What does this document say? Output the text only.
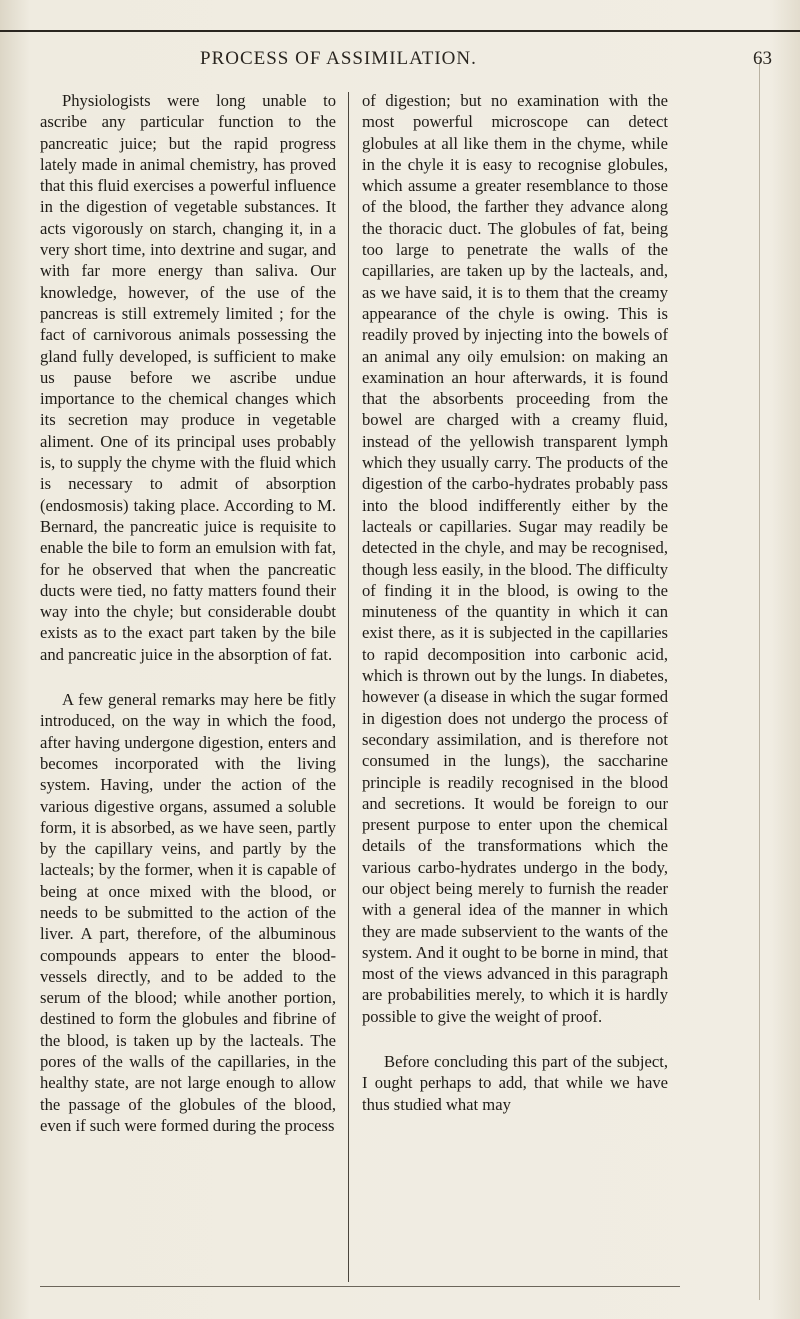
PROCESS OF ASSIMILATION.	63

Physiologists were long unable to ascribe any particular function to the pancreatic juice; but the rapid progress lately made in animal chemistry, has proved that this fluid exercises a powerful influence in the digestion of vegetable substances. It acts vigorously on starch, changing it, in a very short time, into dextrine and sugar, and with far more energy than saliva. Our knowledge, however, of the use of the pancreas is still extremely limited ; for the fact of carnivorous animals possessing the gland fully developed, is sufficient to make us pause before we ascribe undue importance to the chemical changes which its secretion may produce in vegetable aliment. One of its principal uses probably is, to supply the chyme with the fluid which is necessary to admit of absorption (endosmosis) taking place. According to M. Bernard, the pancreatic juice is requisite to enable the bile to form an emulsion with fat, for he observed that when the pancreatic ducts were tied, no fatty matters found their way into the chyle; but considerable doubt exists as to the exact part taken by the bile and pancreatic juice in the absorption of fat.

A few general remarks may here be fitly introduced, on the way in which the food, after having undergone digestion, enters and becomes incorporated with the living system. Having, under the action of the various digestive organs, assumed a soluble form, it is absorbed, as we have seen, partly by the capillary veins, and partly by the lacteals; by the former, when it is capable of being at once mixed with the blood, or needs to be submitted to the action of the liver. A part, therefore, of the albuminous compounds appears to enter the blood-vessels directly, and to be added to the serum of the blood; while another portion, destined to form the globules and fibrine of the blood, is taken up by the lacteals. The pores of the walls of the capillaries, in the healthy state, are not large enough to allow the passage of the globules of the blood, even if such were formed during the process

of digestion; but no examination with the most powerful microscope can detect globules at all like them in the chyme, while in the chyle it is easy to recognise globules, which assume a greater resemblance to those of the blood, the farther they advance along the thoracic duct. The globules of fat, being too large to penetrate the walls of the capillaries, are taken up by the lacteals, and, as we have said, it is to them that the creamy appearance of the chyle is owing. This is readily proved by injecting into the bowels of an animal any oily emulsion: on making an examination an hour afterwards, it is found that the absorbents proceeding from the bowel are charged with a creamy fluid, instead of the yellowish transparent lymph which they usually carry. The products of the digestion of the carbo-hydrates probably pass into the blood indifferently either by the lacteals or capillaries. Sugar may readily be detected in the chyle, and may be recognised, though less easily, in the blood. The difficulty of finding it in the blood, is owing to the minuteness of the quantity in which it can exist there, as it is subjected in the capillaries to rapid decomposition into carbonic acid, which is thrown out by the lungs. In diabetes, however (a disease in which the sugar formed in digestion does not undergo the process of secondary assimilation, and is therefore not consumed in the lungs), the saccharine principle is readily recognised in the blood and secretions. It would be foreign to our present purpose to enter upon the chemical details of the transformations which the various carbo-hydrates undergo in the body, our object being merely to furnish the reader with a general idea of the manner in which they are made subservient to the wants of the system. And it ought to be borne in mind, that most of the views advanced in this paragraph are probabilities merely, to which it is hardly possible to give the weight of proof.

Before concluding this part of the subject, I ought perhaps to add, that while we have thus studied what may
